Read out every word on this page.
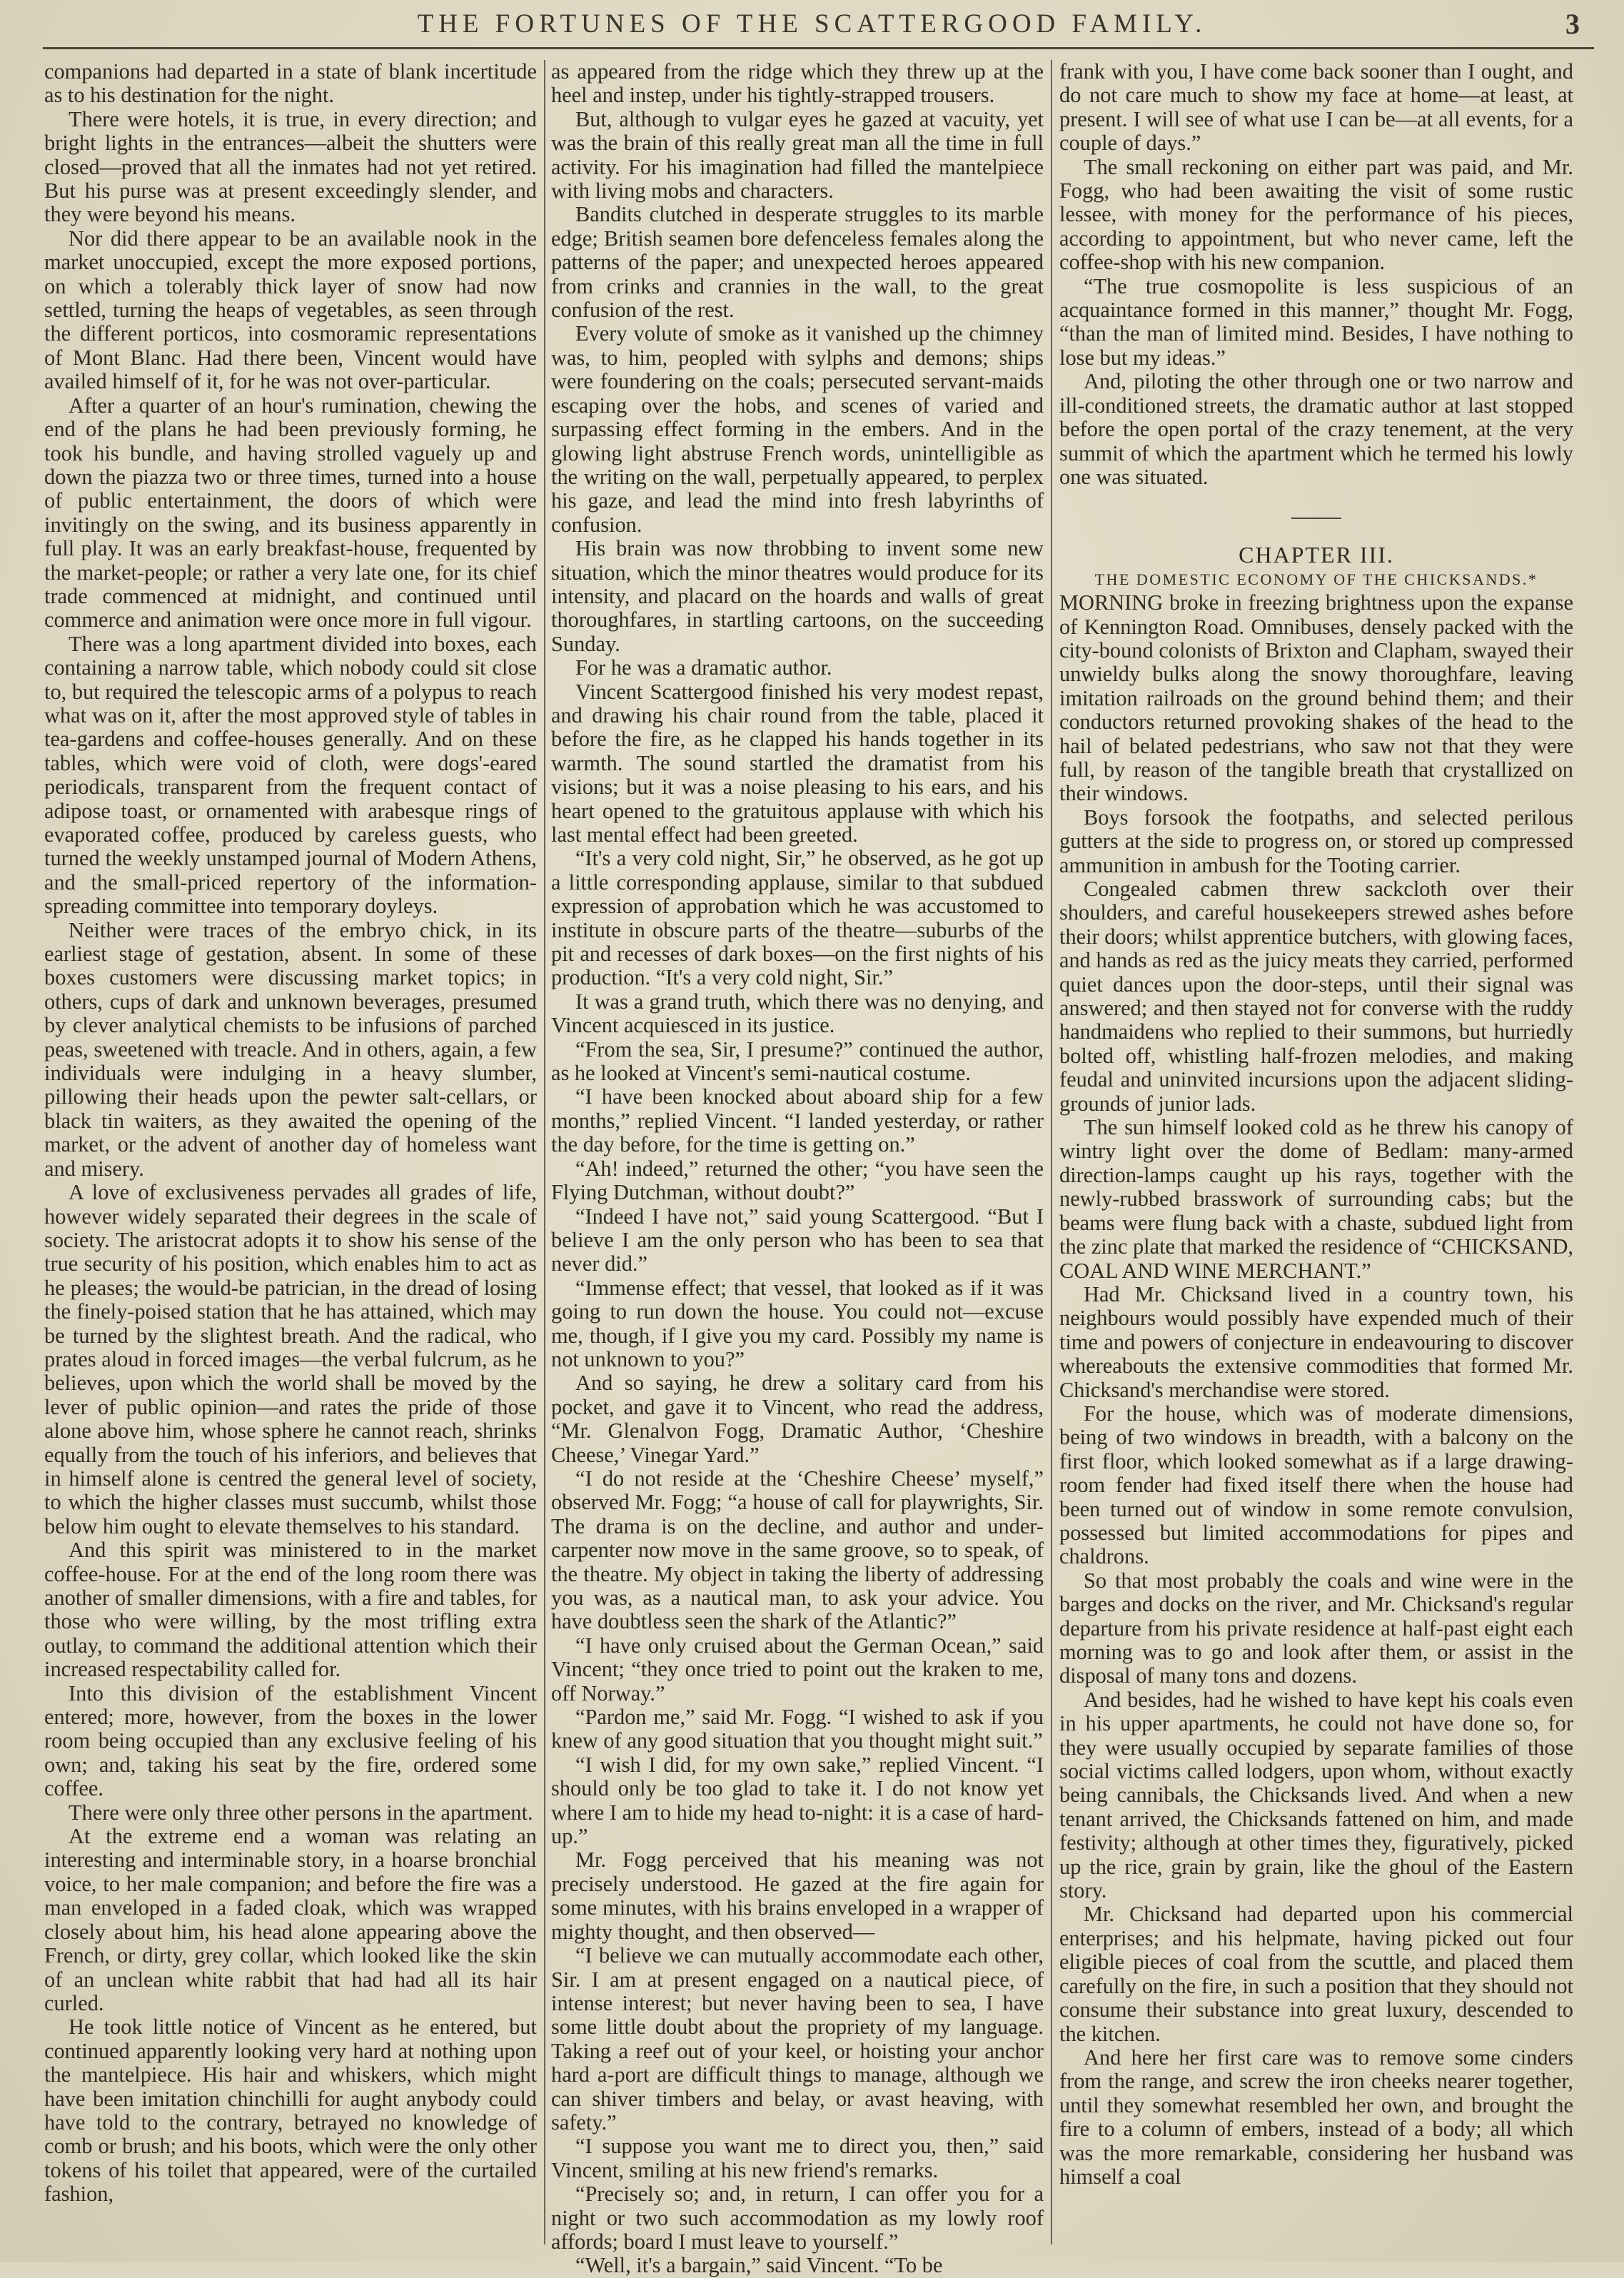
THE FORTUNES OF THE SCATTERGOOD FAMILY.	3

companions had departed in a state of blank incertitude as to his destination for the night.

There were hotels, it is true, in every direction; and bright lights in the entrances—albeit the shutters were closed—proved that all the inmates had not yet retired. But his purse was at present exceedingly slender, and they were beyond his means.

Nor did there appear to be an available nook in the market unoccupied, except the more exposed portions, on which a tolerably thick layer of snow had now settled, turning the heaps of vegetables, as seen through the different porticos, into cosmoramic representations of Mont Blanc. Had there been, Vincent would have availed himself of it, for he was not over-particular.

After a quarter of an hour's rumination, chewing the end of the plans he had been previously forming, he took his bundle, and having strolled vaguely up and down the piazza two or three times, turned into a house of public entertainment, the doors of which were invitingly on the swing, and its business apparently in full play. It was an early breakfast-house, frequented by the market-people; or rather a very late one, for its chief trade commenced at midnight, and continued until commerce and animation were once more in full vigour.

There was a long apartment divided into boxes, each containing a narrow table, which nobody could sit close to, but required the telescopic arms of a polypus to reach what was on it, after the most approved style of tables in tea-gardens and coffee-houses generally. And on these tables, which were void of cloth, were dogs'-eared periodicals, transparent from the frequent contact of adipose toast, or ornamented with arabesque rings of evaporated coffee, produced by careless guests, who turned the weekly unstamped journal of Modern Athens, and the small-priced repertory of the information-spreading committee into temporary doyleys.

Neither were traces of the embryo chick, in its earliest stage of gestation, absent. In some of these boxes customers were discussing market topics; in others, cups of dark and unknown beverages, presumed by clever analytical chemists to be infusions of parched peas, sweetened with treacle. And in others, again, a few individuals were indulging in a heavy slumber, pillowing their heads upon the pewter salt-cellars, or black tin waiters, as they awaited the opening of the market, or the advent of another day of homeless want and misery.

A love of exclusiveness pervades all grades of life, however widely separated their degrees in the scale of society. The aristocrat adopts it to show his sense of the true security of his position, which enables him to act as he pleases; the would-be patrician, in the dread of losing the finely-poised station that he has attained, which may be turned by the slightest breath. And the radical, who prates aloud in forced images—the verbal fulcrum, as he believes, upon which the world shall be moved by the lever of public opinion—and rates the pride of those alone above him, whose sphere he cannot reach, shrinks equally from the touch of his inferiors, and believes that in himself alone is centred the general level of society, to which the higher classes must succumb, whilst those below him ought to elevate themselves to his standard.

And this spirit was ministered to in the market coffee-house. For at the end of the long room there was another of smaller dimensions, with a fire and tables, for those who were willing, by the most trifling extra outlay, to command the additional attention which their increased respectability called for.

Into this division of the establishment Vincent entered; more, however, from the boxes in the lower room being occupied than any exclusive feeling of his own; and, taking his seat by the fire, ordered some coffee.

There were only three other persons in the apartment.

At the extreme end a woman was relating an interesting and interminable story, in a hoarse bronchial voice, to her male companion; and before the fire was a man enveloped in a faded cloak, which was wrapped closely about him, his head alone appearing above the French, or dirty, grey collar, which looked like the skin of an unclean white rabbit that had had all its hair curled.

He took little notice of Vincent as he entered, but continued apparently looking very hard at nothing upon the mantelpiece. His hair and whiskers, which might have been imitation chinchilli for aught anybody could have told to the contrary, betrayed no knowledge of comb or brush; and his boots, which were the only other tokens of his toilet that appeared, were of the curtailed fashion,

as appeared from the ridge which they threw up at the heel and instep, under his tightly-strapped trousers.

But, although to vulgar eyes he gazed at vacuity, yet was the brain of this really great man all the time in full activity. For his imagination had filled the mantelpiece with living mobs and characters.

Bandits clutched in desperate struggles to its marble edge; British seamen bore defenceless females along the patterns of the paper; and unexpected heroes appeared from crinks and crannies in the wall, to the great confusion of the rest.

Every volute of smoke as it vanished up the chimney was, to him, peopled with sylphs and demons; ships were foundering on the coals; persecuted servant-maids escaping over the hobs, and scenes of varied and surpassing effect forming in the embers. And in the glowing light abstruse French words, unintelligible as the writing on the wall, perpetually appeared, to perplex his gaze, and lead the mind into fresh labyrinths of confusion.

His brain was now throbbing to invent some new situation, which the minor theatres would produce for its intensity, and placard on the hoards and walls of great thoroughfares, in startling cartoons, on the succeeding Sunday.

For he was a dramatic author.

Vincent Scattergood finished his very modest repast, and drawing his chair round from the table, placed it before the fire, as he clapped his hands together in its warmth. The sound startled the dramatist from his visions; but it was a noise pleasing to his ears, and his heart opened to the gratuitous applause with which his last mental effect had been greeted.

“It's a very cold night, Sir,” he observed, as he got up a little corresponding applause, similar to that subdued expression of approbation which he was accustomed to institute in obscure parts of the theatre—suburbs of the pit and recesses of dark boxes—on the first nights of his production. “It's a very cold night, Sir.”

It was a grand truth, which there was no denying, and Vincent acquiesced in its justice.

“From the sea, Sir, I presume?” continued the author, as he looked at Vincent's semi-nautical costume.

“I have been knocked about aboard ship for a few months,” replied Vincent. “I landed yesterday, or rather the day before, for the time is getting on.”

“Ah! indeed,” returned the other; “you have seen the Flying Dutchman, without doubt?”

“Indeed I have not,” said young Scattergood. “But I believe I am the only person who has been to sea that never did.”

“Immense effect; that vessel, that looked as if it was going to run down the house. You could not—excuse me, though, if I give you my card. Possibly my name is not unknown to you?”

And so saying, he drew a solitary card from his pocket, and gave it to Vincent, who read the address, “Mr. Glenalvon Fogg, Dramatic Author, ‘Cheshire Cheese,’ Vinegar Yard.”

“I do not reside at the ‘Cheshire Cheese’ myself,” observed Mr. Fogg; “a house of call for playwrights, Sir. The drama is on the decline, and author and under-carpenter now move in the same groove, so to speak, of the theatre. My object in taking the liberty of addressing you was, as a nautical man, to ask your advice. You have doubtless seen the shark of the Atlantic?”

“I have only cruised about the German Ocean,” said Vincent; “they once tried to point out the kraken to me, off Norway.”

“Pardon me,” said Mr. Fogg. “I wished to ask if you knew of any good situation that you thought might suit.”

“I wish I did, for my own sake,” replied Vincent. “I should only be too glad to take it. I do not know yet where I am to hide my head to-night: it is a case of hard-up.”

Mr. Fogg perceived that his meaning was not precisely understood. He gazed at the fire again for some minutes, with his brains enveloped in a wrapper of mighty thought, and then observed—

“I believe we can mutually accommodate each other, Sir. I am at present engaged on a nautical piece, of intense interest; but never having been to sea, I have some little doubt about the propriety of my language. Taking a reef out of your keel, or hoisting your anchor hard a-port are difficult things to manage, although we can shiver timbers and belay, or avast heaving, with safety.”

“I suppose you want me to direct you, then,” said Vincent, smiling at his new friend's remarks.

“Precisely so; and, in return, I can offer you for a night or two such accommodation as my lowly roof affords; board I must leave to yourself.”

“Well, it's a bargain,” said Vincent. “To be

frank with you, I have come back sooner than I ought, and do not care much to show my face at home—at least, at present. I will see of what use I can be—at all events, for a couple of days.”

The small reckoning on either part was paid, and Mr. Fogg, who had been awaiting the visit of some rustic lessee, with money for the performance of his pieces, according to appointment, but who never came, left the coffee-shop with his new companion.

“The true cosmopolite is less suspicious of an acquaintance formed in this manner,” thought Mr. Fogg, “than the man of limited mind. Besides, I have nothing to lose but my ideas.”

And, piloting the other through one or two narrow and ill-conditioned streets, the dramatic author at last stopped before the open portal of the crazy tenement, at the very summit of which the apartment which he termed his lowly one was situated.

CHAPTER III.

THE DOMESTIC ECONOMY OF THE CHICKSANDS.*

MORNING broke in freezing brightness upon the expanse of Kennington Road. Omnibuses, densely packed with the city-bound colonists of Brixton and Clapham, swayed their unwieldy bulks along the snowy thoroughfare, leaving imitation railroads on the ground behind them; and their conductors returned provoking shakes of the head to the hail of belated pedestrians, who saw not that they were full, by reason of the tangible breath that crystallized on their windows.

Boys forsook the footpaths, and selected perilous gutters at the side to progress on, or stored up compressed ammunition in ambush for the Tooting carrier.

Congealed cabmen threw sackcloth over their shoulders, and careful housekeepers strewed ashes before their doors; whilst apprentice butchers, with glowing faces, and hands as red as the juicy meats they carried, performed quiet dances upon the door-steps, until their signal was answered; and then stayed not for converse with the ruddy handmaidens who replied to their summons, but hurriedly bolted off, whistling half-frozen melodies, and making feudal and uninvited incursions upon the adjacent sliding-grounds of junior lads.

The sun himself looked cold as he threw his canopy of wintry light over the dome of Bedlam: many-armed direction-lamps caught up his rays, together with the newly-rubbed brasswork of surrounding cabs; but the beams were flung back with a chaste, subdued light from the zinc plate that marked the residence of “CHICKSAND, COAL AND WINE MERCHANT.”

Had Mr. Chicksand lived in a country town, his neighbours would possibly have expended much of their time and powers of conjecture in endeavouring to discover whereabouts the extensive commodities that formed Mr. Chicksand's merchandise were stored.

For the house, which was of moderate dimensions, being of two windows in breadth, with a balcony on the first floor, which looked somewhat as if a large drawing-room fender had fixed itself there when the house had been turned out of window in some remote convulsion, possessed but limited accommodations for pipes and chaldrons.

So that most probably the coals and wine were in the barges and docks on the river, and Mr. Chicksand's regular departure from his private residence at half-past eight each morning was to go and look after them, or assist in the disposal of many tons and dozens.

And besides, had he wished to have kept his coals even in his upper apartments, he could not have done so, for they were usually occupied by separate families of those social victims called lodgers, upon whom, without exactly being cannibals, the Chicksands lived. And when a new tenant arrived, the Chicksands fattened on him, and made festivity; although at other times they, figuratively, picked up the rice, grain by grain, like the ghoul of the Eastern story.

Mr. Chicksand had departed upon his commercial enterprises; and his helpmate, having picked out four eligible pieces of coal from the scuttle, and placed them carefully on the fire, in such a position that they should not consume their substance into great luxury, descended to the kitchen.

And here her first care was to remove some cinders from the range, and screw the iron cheeks nearer together, until they somewhat resembled her own, and brought the fire to a column of embers, instead of a body; all which was the more remarkable, considering her husband was himself a coal
